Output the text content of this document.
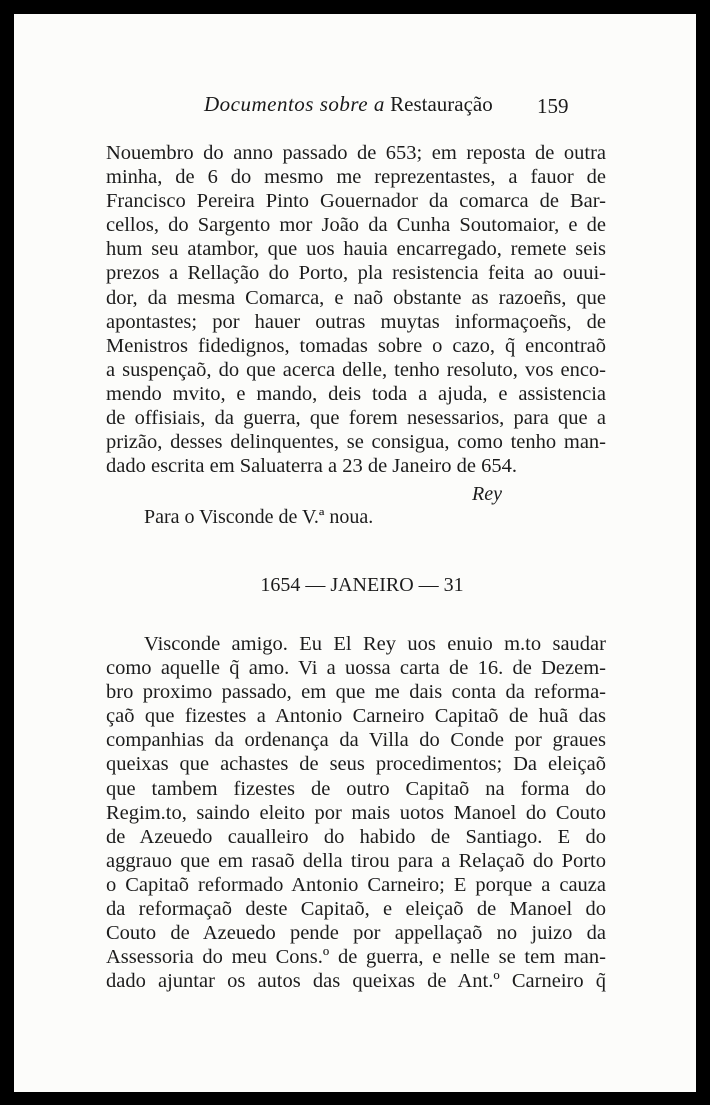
Documentos sobre a Restauração 159
Nouembro do anno passado de 653; em reposta de outra
minha, de 6 do mesmo me reprezentastes, a fauor de
Francisco Pereira Pinto Gouernador da comarca de Bar-
cellos, do Sargento mor João da Cunha Soutomaior, e de
hum seu atambor, que uos hauia encarregado, remete seis
prezos a Rellação do Porto, pla resistencia feita ao ouui-
dor, da mesma Comarca, e naõ obstante as razoeñs, que
apontastes; por hauer outras muytas informaçoeñs, de
Menistros fidedignos, tomadas sobre o cazo, q̃ encontraõ
a suspençaõ, do que acerca delle, tenho resoluto, vos enco-
mendo mvito, e mando, deis toda a ajuda, e assistencia
de offisiais, da guerra, que forem nesessarios, para que a
prizão, desses delinquentes, se consigua, como tenho man-
dado escrita em Saluaterra a 23 de Janeiro de 654.
Rey
Para o Visconde de V.ª noua.
1654 — JANEIRO — 31
Visconde amigo. Eu El Rey uos enuio m.to saudar
como aquelle q̃ amo. Vi a uossa carta de 16. de Dezem-
bro proximo passado, em que me dais conta da reforma-
çaõ que fizestes a Antonio Carneiro Capitaõ de huã das
companhias da ordenança da Villa do Conde por graues
queixas que achastes de seus procedimentos; Da eleiçaõ
que tambem fizestes de outro Capitaõ na forma do
Regim.to, saindo eleito por mais uotos Manoel do Couto
de Azeuedo caualleiro do habido de Santiago. E do
aggrauo que em rasaõ della tirou para a Relaçaõ do Porto
o Capitaõ reformado Antonio Carneiro; E porque a cauza
da reformaçaõ deste Capitaõ, e eleiçaõ de Manoel do
Couto de Azeuedo pende por appellaçaõ no juizo da
Assessoria do meu Cons.º de guerra, e nelle se tem man-
dado ajuntar os autos das queixas de Ant.º Carneiro q̃
